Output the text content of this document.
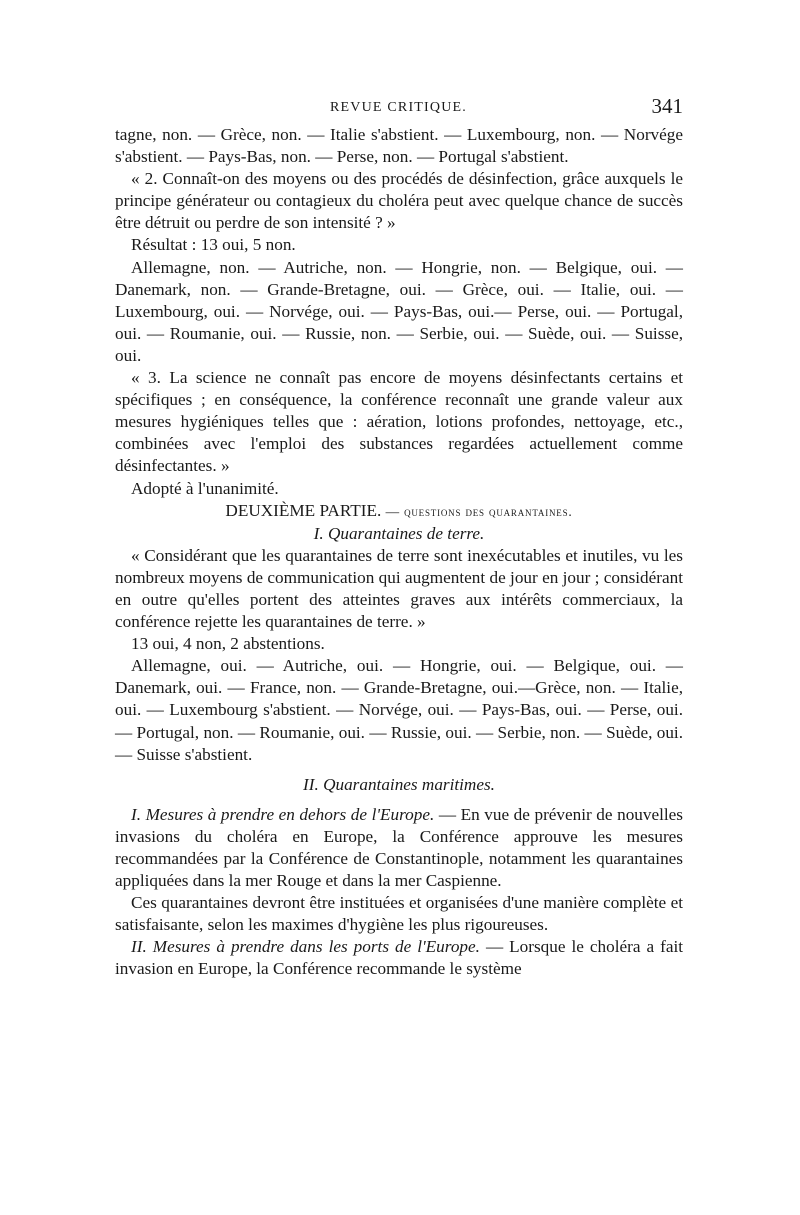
REVUE CRITIQUE.	341

tagne, non. — Grèce, non. — Italie s'abstient. — Luxembourg, non. — Norvége s'abstient. — Pays-Bas, non. — Perse, non. — Portugal s'abstient.

« 2. Connaît-on des moyens ou des procédés de désinfection, grâce auxquels le principe générateur ou contagieux du choléra peut avec quelque chance de succès être détruit ou perdre de son intensité ? »

Résultat : 13 oui, 5 non.

Allemagne, non. — Autriche, non. — Hongrie, non. — Belgique, oui. — Danemark, non. — Grande-Bretagne, oui. — Grèce, oui. — Italie, oui. — Luxembourg, oui. — Norvége, oui. — Pays-Bas, oui.— Perse, oui. — Portugal, oui. — Roumanie, oui. — Russie, non. — Serbie, oui. — Suède, oui. — Suisse, oui.

« 3. La science ne connaît pas encore de moyens désinfectants certains et spécifiques ; en conséquence, la conférence reconnaît une grande valeur aux mesures hygiéniques telles que : aération, lotions profondes, nettoyage, etc., combinées avec l'emploi des substances regardées actuellement comme désinfectantes. »

Adopté à l'unanimité.

DEUXIÈME PARTIE. — questions des quarantaines.

I. Quarantaines de terre.

« Considérant que les quarantaines de terre sont inexécutables et inutiles, vu les nombreux moyens de communication qui augmentent de jour en jour ; considérant en outre qu'elles portent des atteintes graves aux intérêts commerciaux, la conférence rejette les quarantaines de terre. »

13 oui, 4 non, 2 abstentions.

Allemagne, oui. — Autriche, oui. — Hongrie, oui. — Belgique, oui. —Danemark, oui. — France, non. — Grande-Bretagne, oui.—Grèce, non. — Italie, oui. — Luxembourg s'abstient. — Norvége, oui. — Pays-Bas, oui. — Perse, oui. — Portugal, non. — Roumanie, oui. — Russie, oui. — Serbie, non. — Suède, oui. — Suisse s'abstient.

II. Quarantaines maritimes.

I. Mesures à prendre en dehors de l'Europe. — En vue de prévenir de nouvelles invasions du choléra en Europe, la Conférence approuve les mesures recommandées par la Conférence de Constantinople, notamment les quarantaines appliquées dans la mer Rouge et dans la mer Caspienne.

Ces quarantaines devront être instituées et organisées d'une manière complète et satisfaisante, selon les maximes d'hygiène les plus rigoureuses.

II. Mesures à prendre dans les ports de l'Europe. — Lorsque le choléra a fait invasion en Europe, la Conférence recommande le système
